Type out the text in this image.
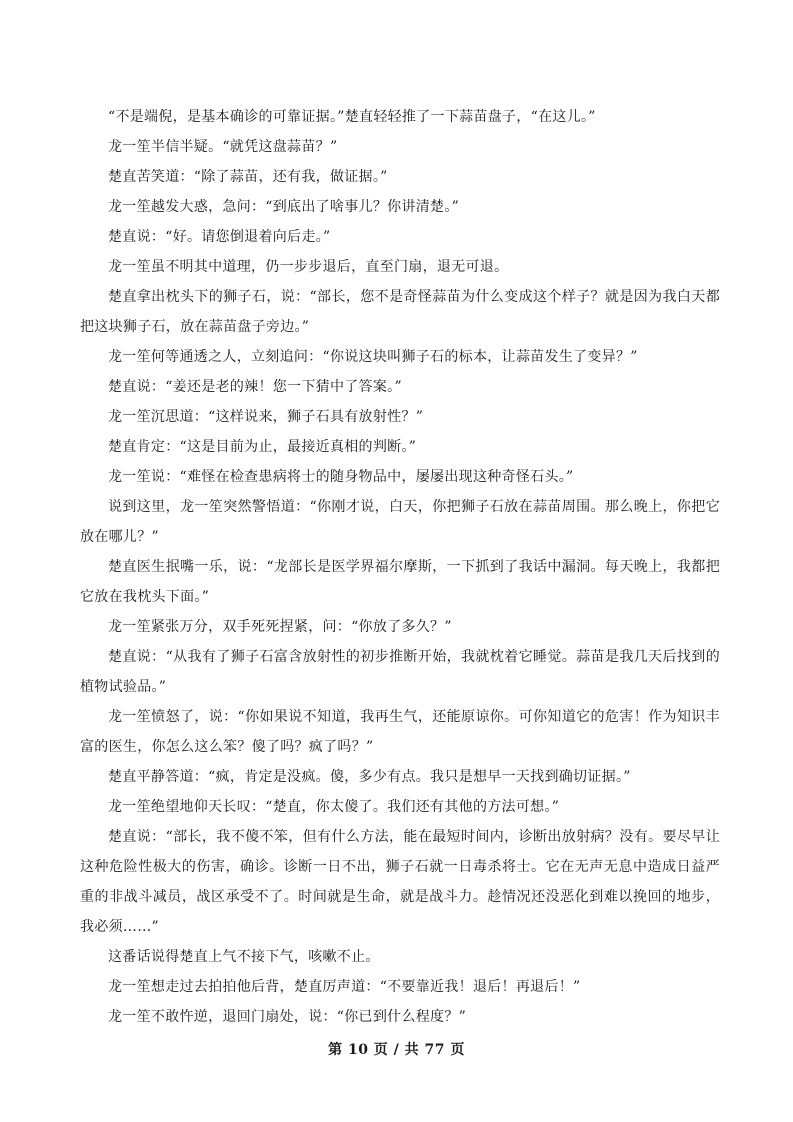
“不是端倪，是基本确诊的可靠证据。”楚直轻轻推了一下蒜苗盘子，“在这儿。”

龙一笙半信半疑。“就凭这盘蒜苗？”

楚直苦笑道：“除了蒜苗，还有我，做证据。”

龙一笙越发大惑，急问：“到底出了啥事儿？你讲清楚。”

楚直说：“好。请您倒退着向后走。”

龙一笙虽不明其中道理，仍一步步退后，直至门扇，退无可退。

楚直拿出枕头下的狮子石，说：“部长，您不是奇怪蒜苗为什么变成这个样子？就是因为我白天都把这块狮子石，放在蒜苗盘子旁边。”

龙一笙何等通透之人，立刻追问：“你说这块叫狮子石的标本，让蒜苗发生了变异？”

楚直说：“姜还是老的辣！您一下猜中了答案。”

龙一笙沉思道：“这样说来，狮子石具有放射性？”

楚直肯定：“这是目前为止，最接近真相的判断。”

龙一笙说：“难怪在检查患病将士的随身物品中，屡屡出现这种奇怪石头。”

说到这里，龙一笙突然警悟道：“你刚才说，白天，你把狮子石放在蒜苗周围。那么晚上，你把它放在哪儿？”

楚直医生抿嘴一乐，说：“龙部长是医学界福尔摩斯，一下抓到了我话中漏洞。每天晚上，我都把它放在我枕头下面。”

龙一笙紧张万分，双手死死捏紧，问：“你放了多久？”

楚直说：“从我有了狮子石富含放射性的初步推断开始，我就枕着它睡觉。蒜苗是我几天后找到的植物试验品。”

龙一笙愤怒了，说：“你如果说不知道，我再生气，还能原谅你。可你知道它的危害！作为知识丰富的医生，你怎么这么笨？傻了吗？疯了吗？”

楚直平静答道：“疯，肯定是没疯。傻，多少有点。我只是想早一天找到确切证据。”

龙一笙绝望地仰天长叹：“楚直，你太傻了。我们还有其他的方法可想。”

楚直说：“部长，我不傻不笨，但有什么方法，能在最短时间内，诊断出放射病？没有。要尽早让这种危险性极大的伤害，确诊。诊断一日不出，狮子石就一日毒杀将士。它在无声无息中造成日益严重的非战斗减员，战区承受不了。时间就是生命，就是战斗力。趁情况还没恶化到难以挽回的地步，我必须……”

这番话说得楚直上气不接下气，咳嗽不止。

龙一笙想走过去拍拍他后背，楚直厉声道：“不要靠近我！退后！再退后！”

龙一笙不敢忤逆，退回门扇处，说：“你已到什么程度？”

第 10 页 / 共 77 页
